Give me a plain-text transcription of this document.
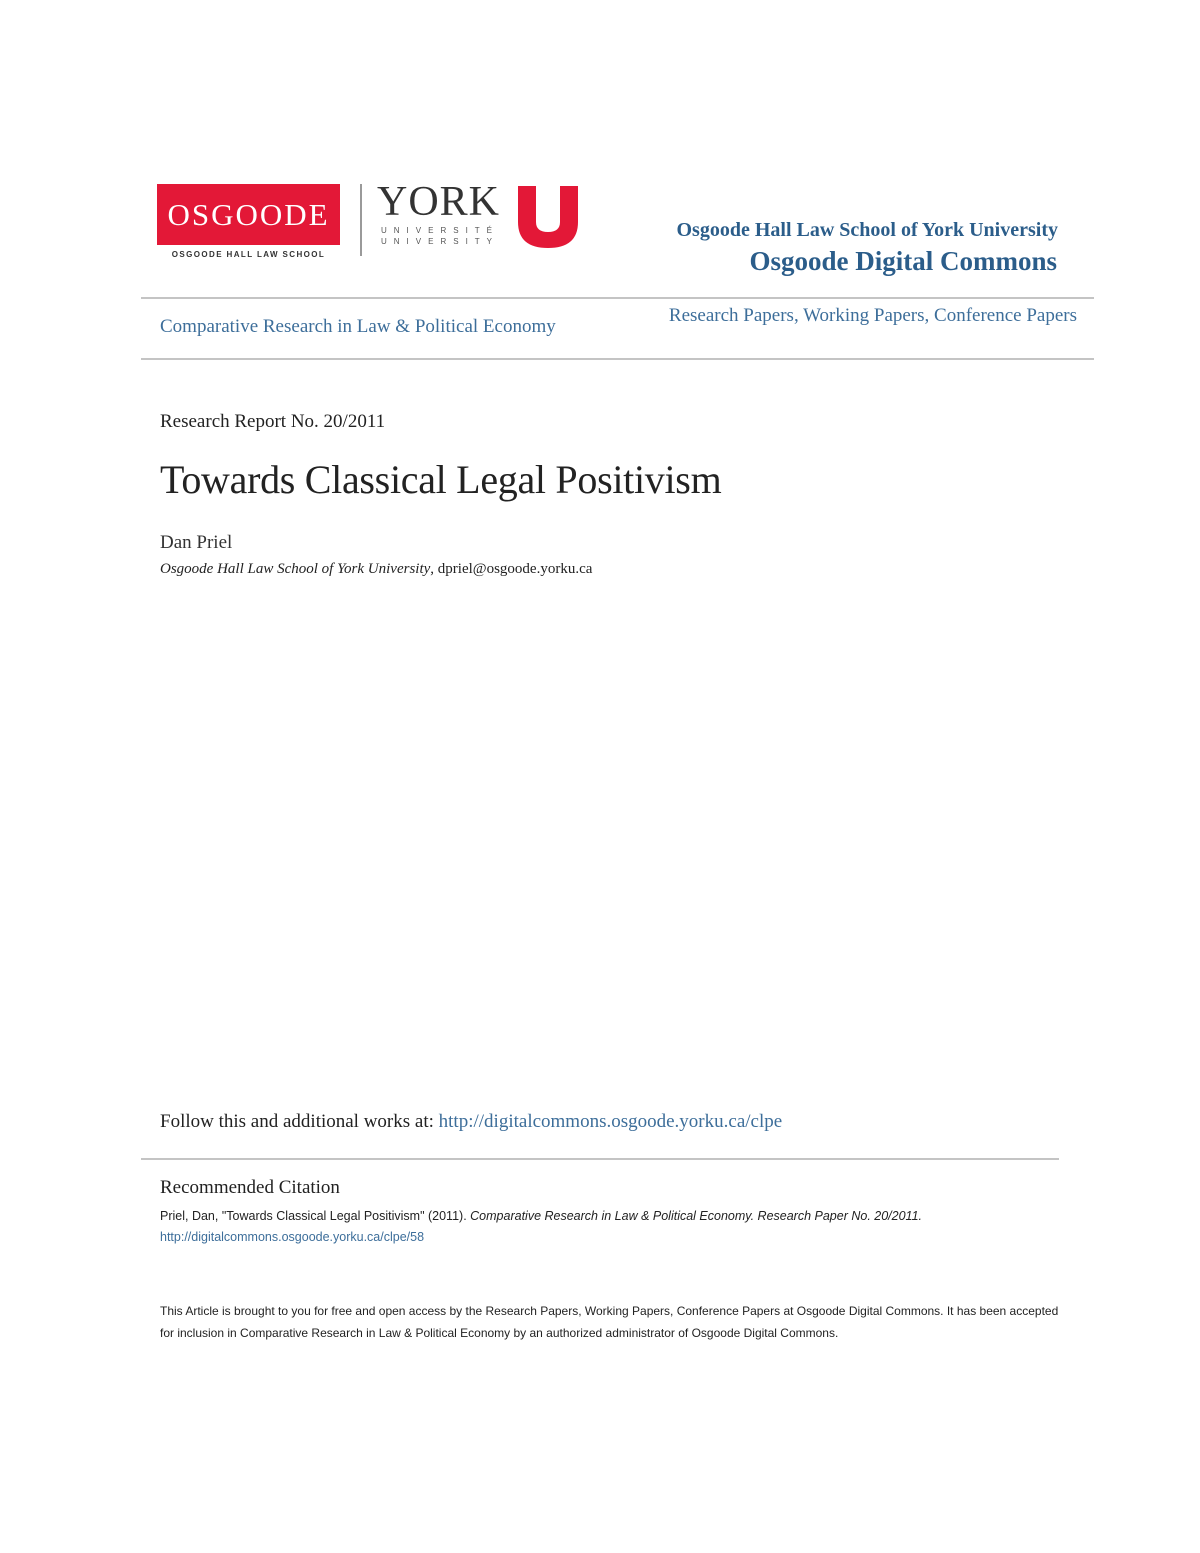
OSGOODE
OSGOODE HALL LAW SCHOOL
YORK
UNIVERSITÉ
UNIVERSITY
Osgoode Hall Law School of York University
Osgoode Digital Commons
Comparative Research in Law & Political Economy
Research Papers, Working Papers, Conference Papers
Research Report No. 20/2011
Towards Classical Legal Positivism
Dan Priel
Osgoode Hall Law School of York University, dpriel@osgoode.yorku.ca
Follow this and additional works at: http://digitalcommons.osgoode.yorku.ca/clpe
Recommended Citation
Priel, Dan, "Towards Classical Legal Positivism" (2011). Comparative Research in Law & Political Economy. Research Paper No. 20/2011.
http://digitalcommons.osgoode.yorku.ca/clpe/58
This Article is brought to you for free and open access by the Research Papers, Working Papers, Conference Papers at Osgoode Digital Commons. It has been accepted for inclusion in Comparative Research in Law & Political Economy by an authorized administrator of Osgoode Digital Commons.
